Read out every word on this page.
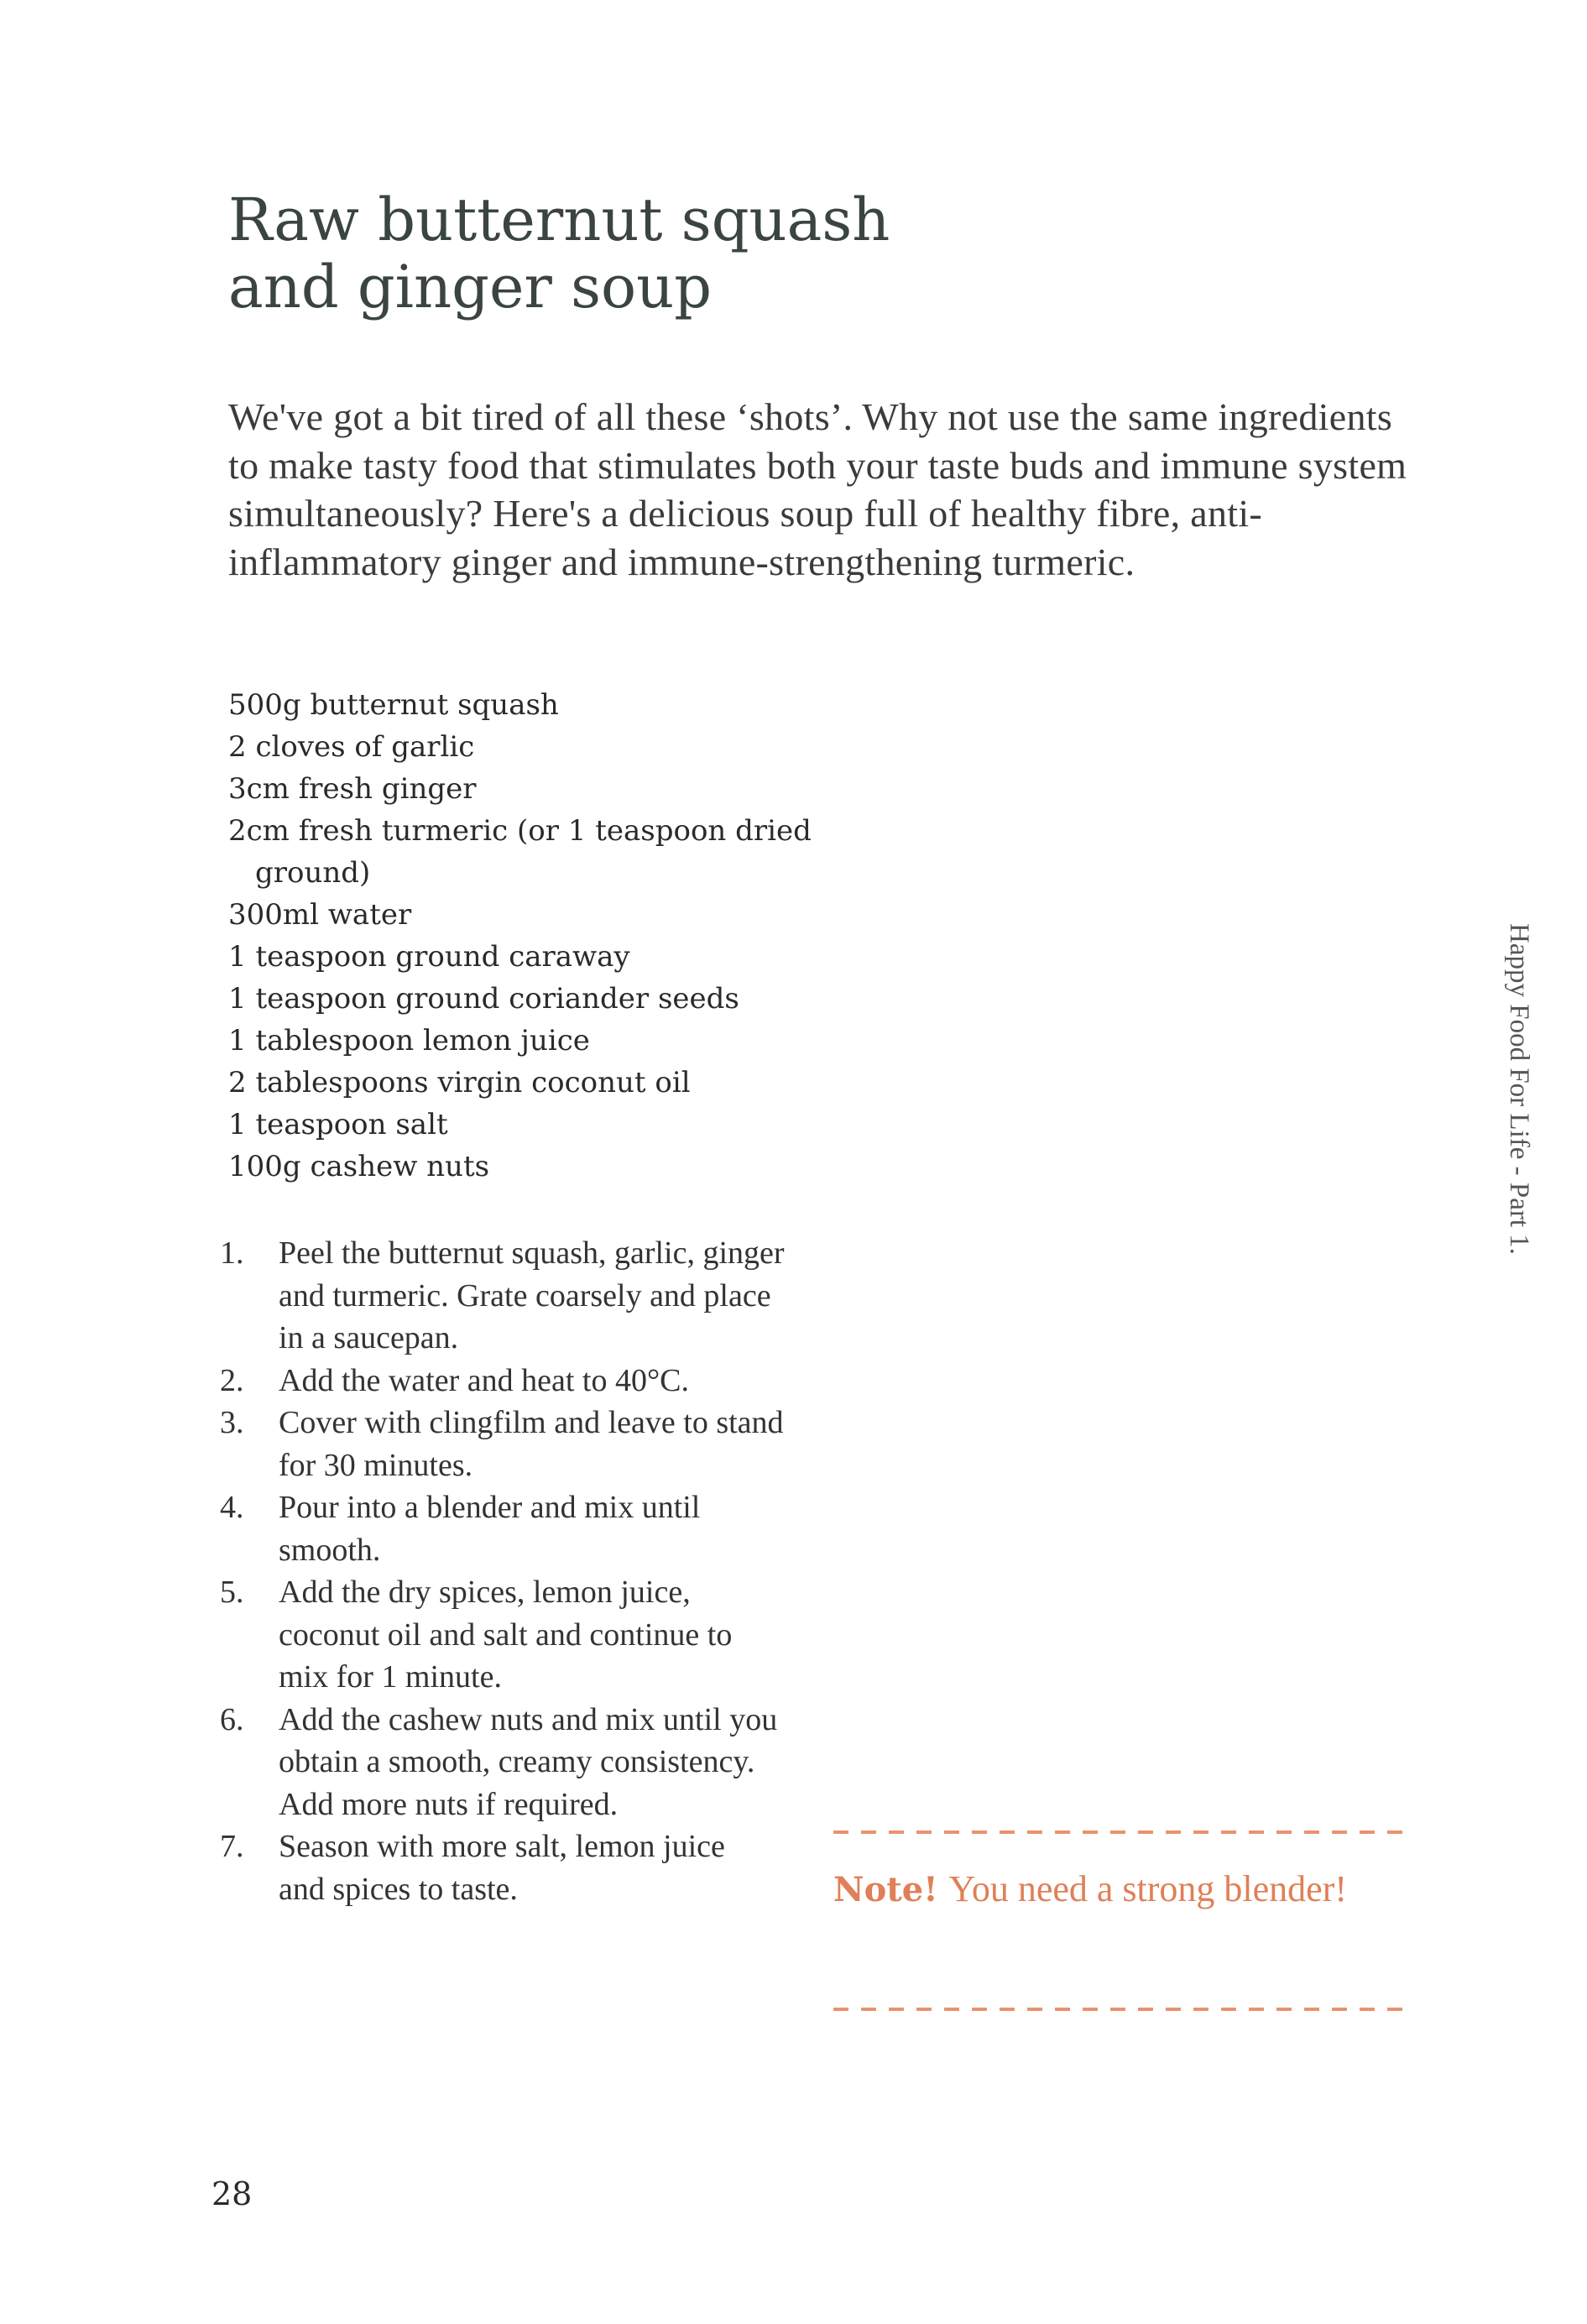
Raw butternut squash
and ginger soup

We've got a bit tired of all these ‘shots’. Why not use the same ingredients to make tasty food that stimulates both your taste buds and immune system simultaneously? Here's a delicious soup full of healthy fibre, anti-inflammatory ginger and immune-strengthening turmeric.

500g butternut squash
2 cloves of garlic
3cm fresh ginger
2cm fresh turmeric (or 1 teaspoon dried ground)
300ml water
1 teaspoon ground caraway
1 teaspoon ground coriander seeds
1 tablespoon lemon juice
2 tablespoons virgin coconut oil
1 teaspoon salt
100g cashew nuts
1.	Peel the butternut squash, garlic, ginger and turmeric. Grate coarsely and place in a saucepan.
2.	Add the water and heat to 40°C.
3.	Cover with clingfilm and leave to stand for 30 minutes.
4.	Pour into a blender and mix until smooth.
5.	Add the dry spices, lemon juice, coconut oil and salt and continue to mix for 1 minute.
6.	Add the cashew nuts and mix until you obtain a smooth, creamy consistency. Add more nuts if required.
7.	Season with more salt, lemon juice and spices to taste.	Note! You need a strong blender!
Happy Food For Life - Part 1.
28
